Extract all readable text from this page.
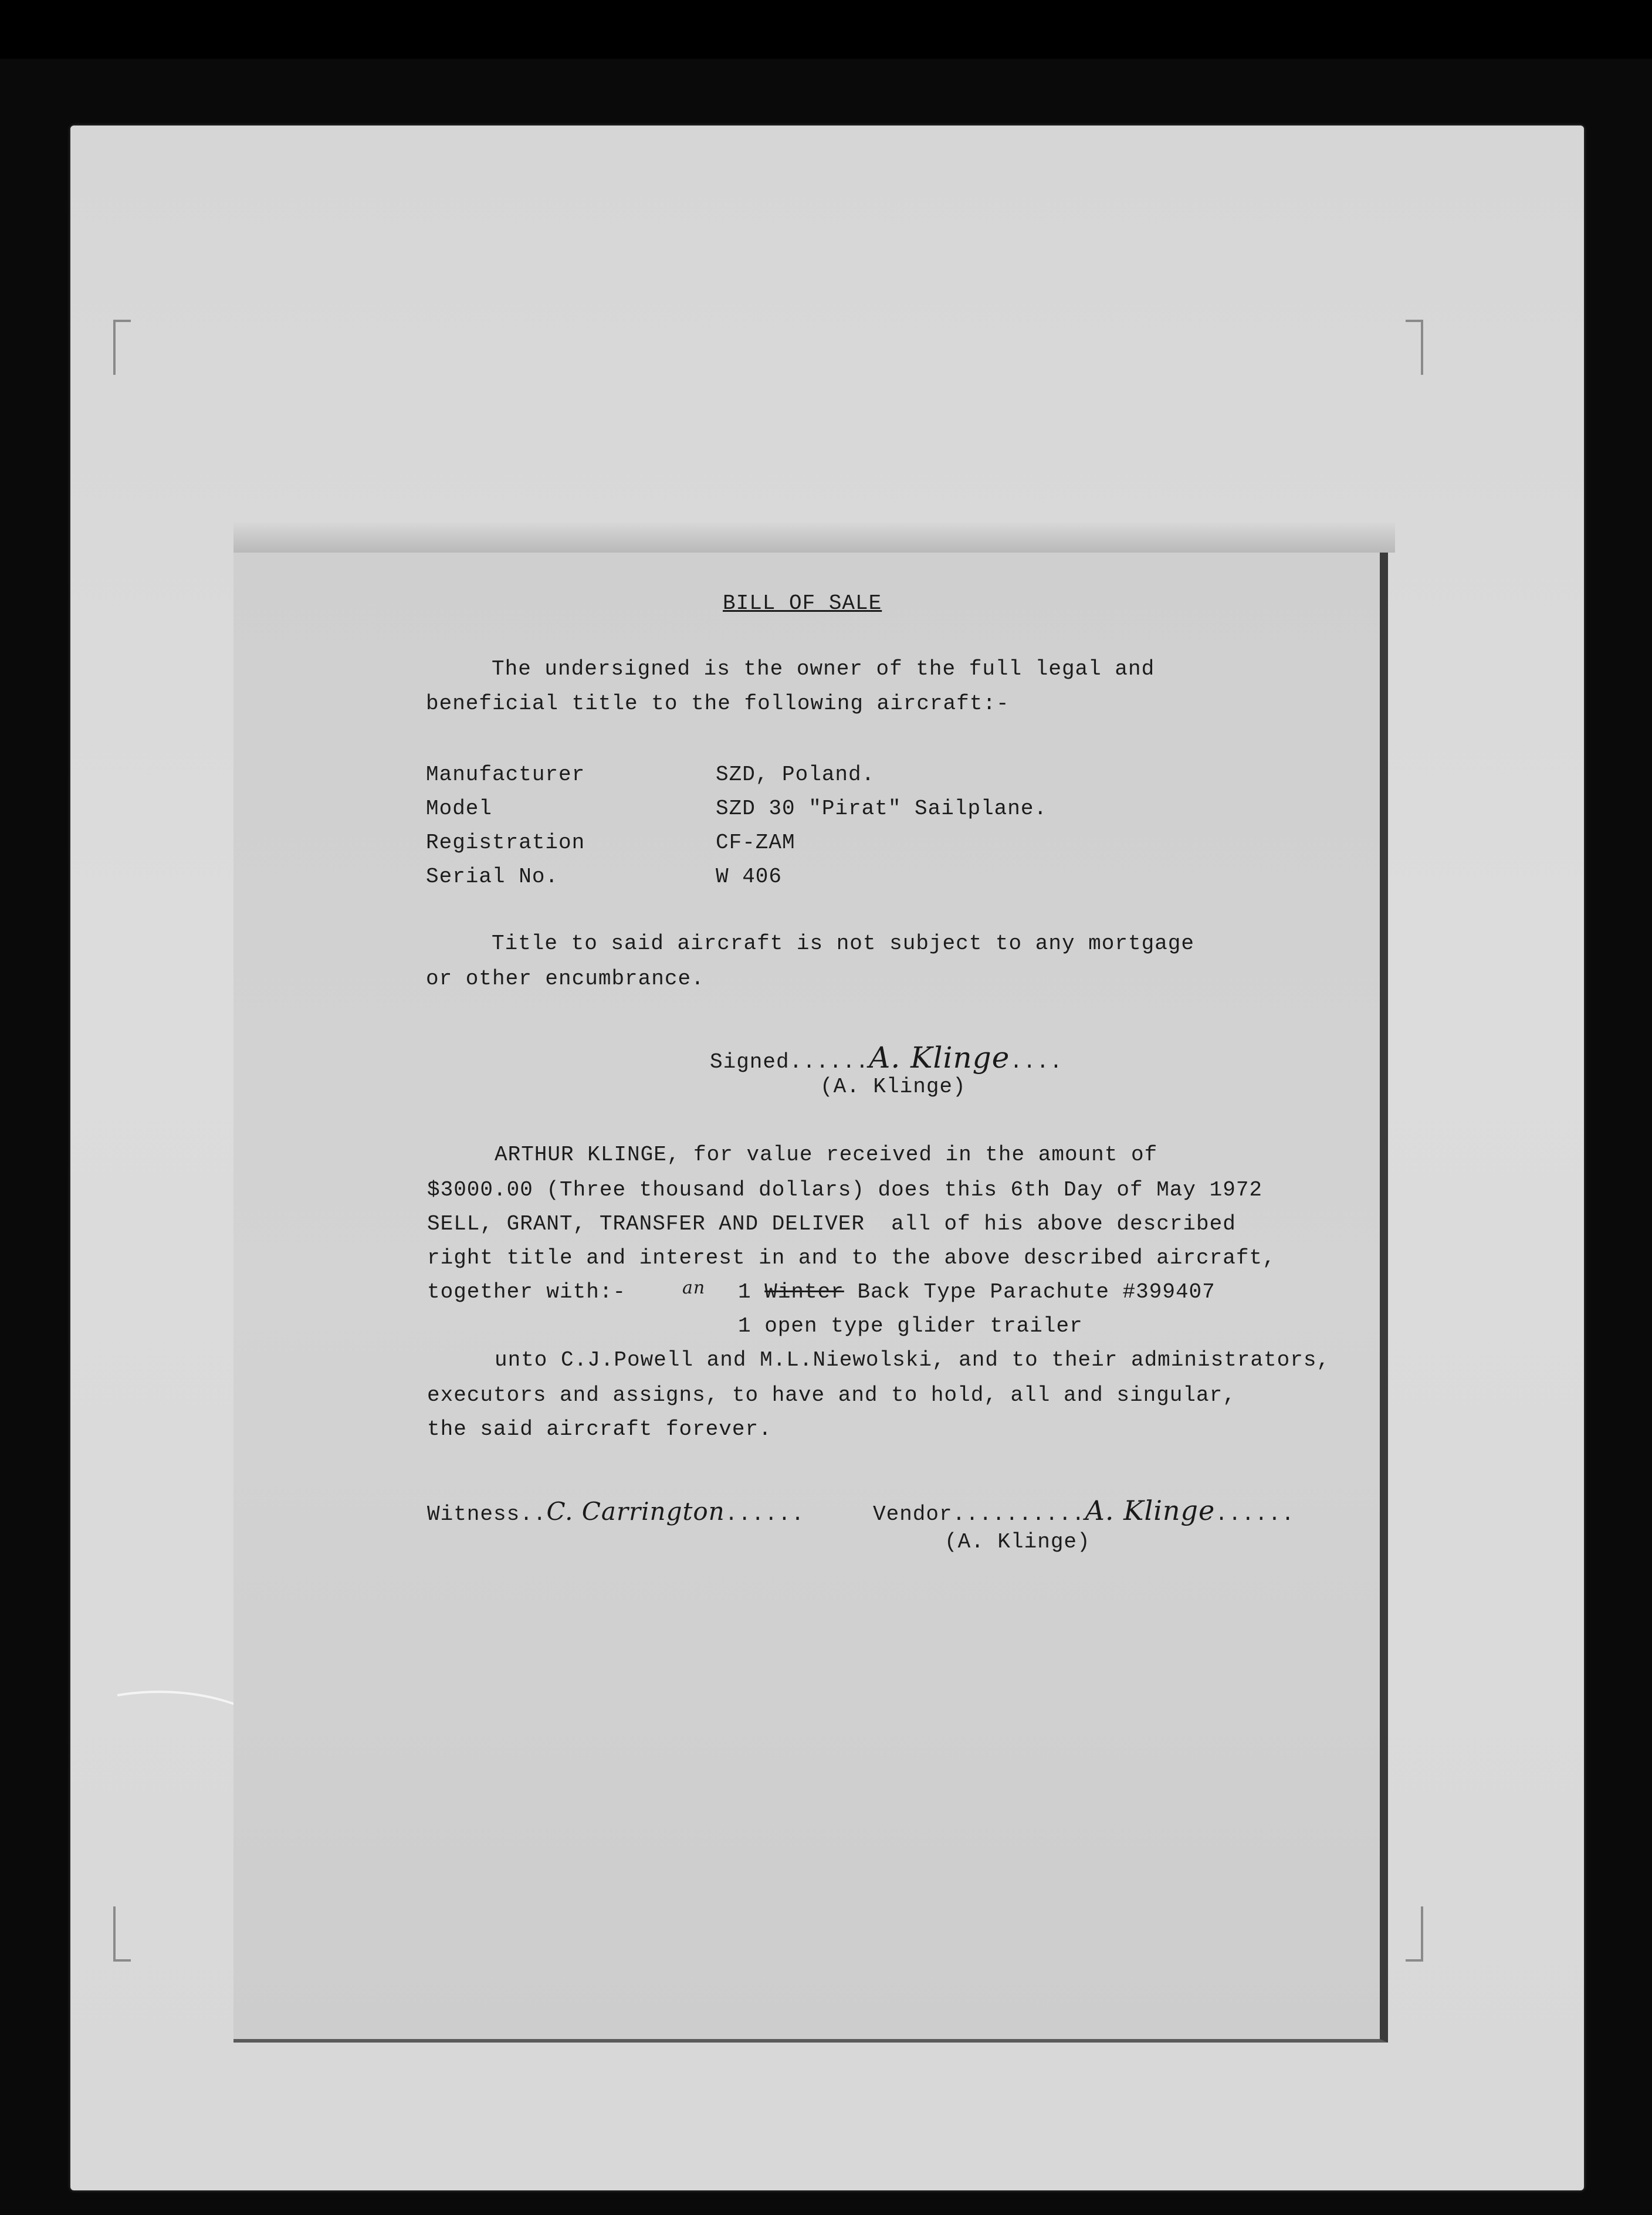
BILL OF SALE
The undersigned is the owner of the full legal and
beneficial title to the following aircraft:-
Manufacturer	SZD, Poland.
Model	SZD 30 "Pirat" Sailplane.
Registration	CF-ZAM
Serial No.	W 406
Title to said aircraft is not subject to any mortgage
or other encumbrance.
Signed......A. Klinge....
(A. Klinge)
ARTHUR KLINGE, for value received in the amount of
$3000.00 (Three thousand dollars) does this 6th Day of May 1972
SELL, GRANT, TRANSFER AND DELIVER  all of his above described
right title and interest in and to the above described aircraft,
together with:-	an 1 Winter Back Type Parachute #399407
1 open type glider trailer
unto C.J.Powell and M.L.Niewolski, and to their administrators,
executors and assigns, to have and to hold, all and singular,
the said aircraft forever.
Witness..C. Carrington......	Vendor..........A. Klinge......
(A. Klinge)
